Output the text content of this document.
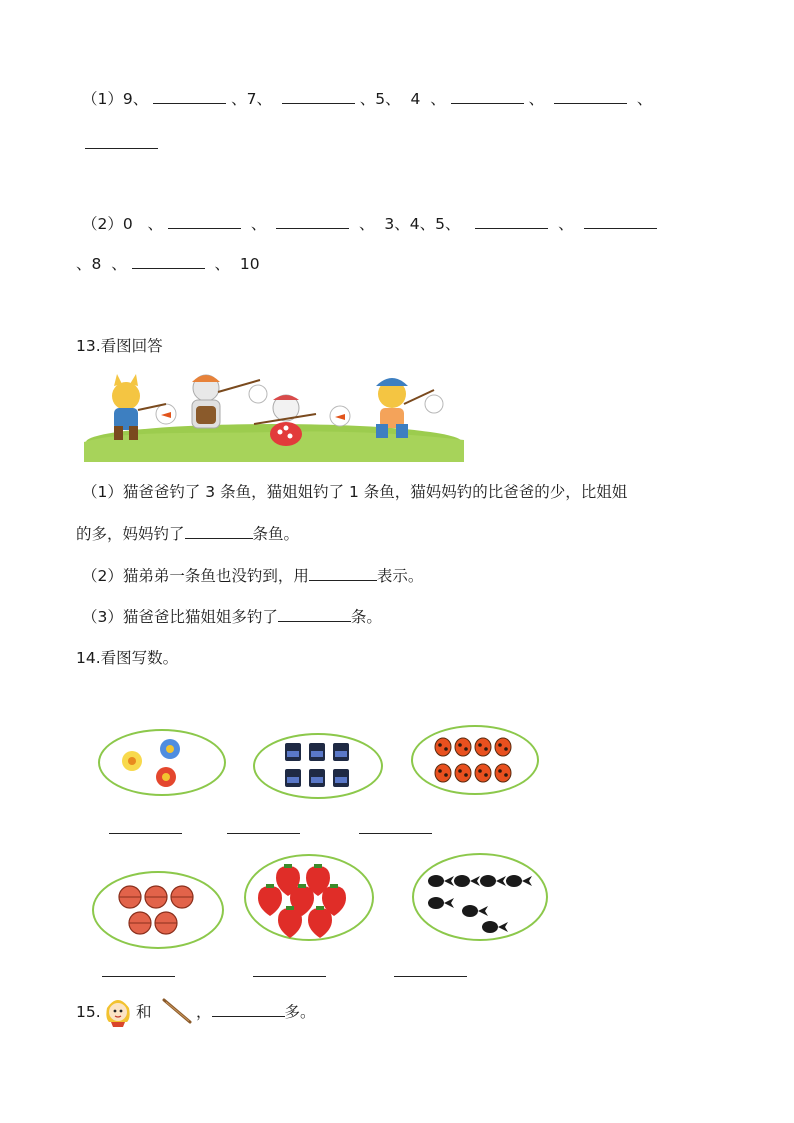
（1）9、	、7、	、5、  4  、	、	、
（2）0   、	、	、  3、4、5、	、
、8  、	、  10
13.看图回答
（1）猫爸爸钓了 3 条鱼，猫姐姐钓了 1 条鱼，猫妈妈钓的比爸爸的少，比姐姐
的多，妈妈钓了	条鱼。
（2）猫弟弟一条鱼也没钓到，用	表示。
（3）猫爸爸比猫姐姐多钓了	条。
14.看图写数。
15. 和	，	多。
